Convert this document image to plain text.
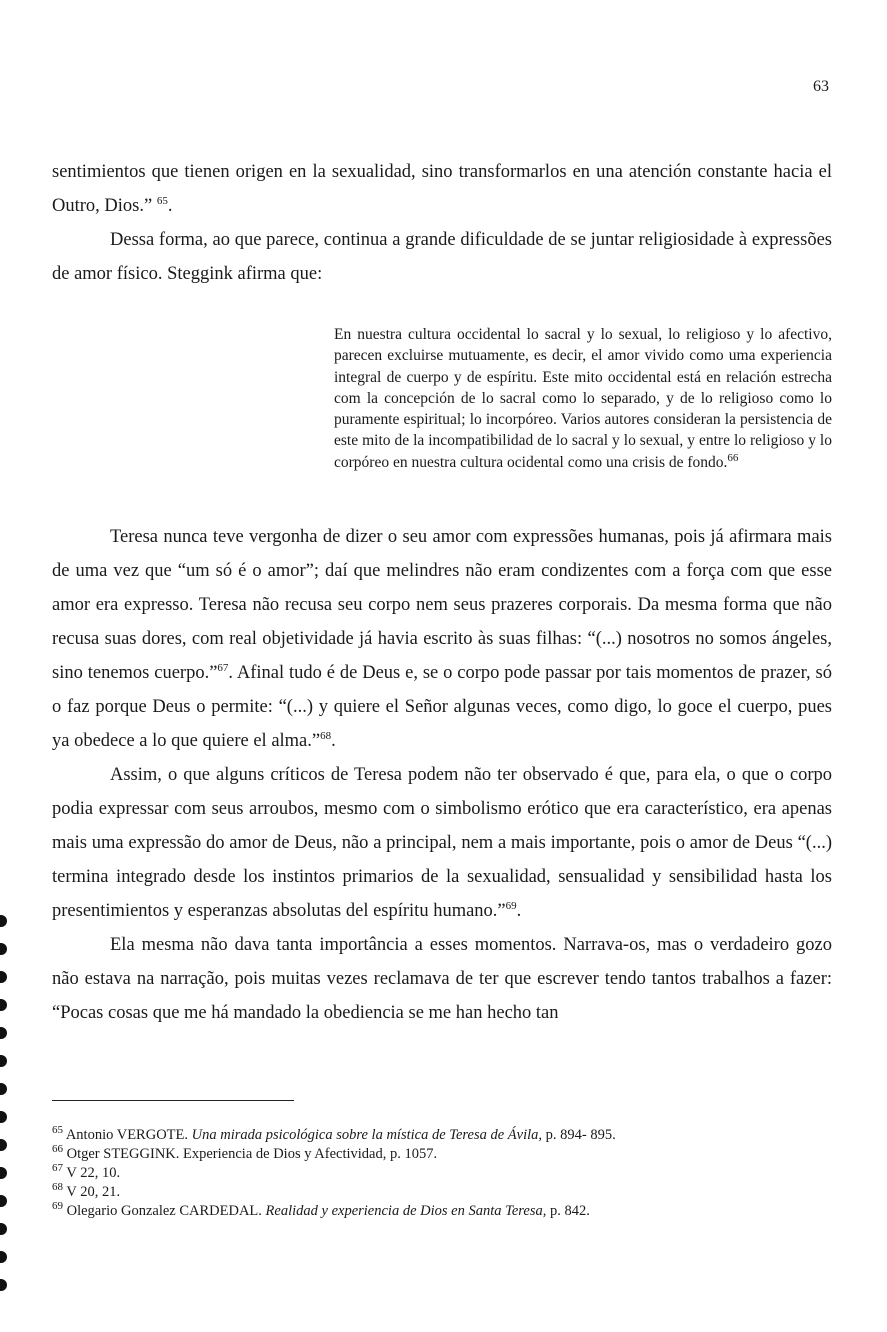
63

sentimientos que tienen origen en la sexualidad, sino transformarlos en una atención constante hacia el Outro, Dios.” $^{65}$.

Dessa forma, ao que parece, continua a grande dificuldade de se juntar religiosidade à expressões de amor físico. Steggink afirma que:

En nuestra cultura occidental lo sacral y lo sexual, lo religioso y lo afectivo, parecen excluirse mutuamente, es decir, el amor vivido como uma experiencia integral de cuerpo y de espíritu. Este mito occidental está en relación estrecha com la concepción de lo sacral como lo separado, y de lo religioso como lo puramente espiritual; lo incorpóreo. Varios autores consideran la persistencia de este mito de la incompatibilidad de lo sacral y lo sexual, y entre lo religioso y lo corpóreo en nuestra cultura ocidental como una crisis de fondo.$^{66}$

Teresa nunca teve vergonha de dizer o seu amor com expressões humanas, pois já afirmara mais de uma vez que “um só é o amor”; daí que melindres não eram condizentes com a força com que esse amor era expresso. Teresa não recusa seu corpo nem seus prazeres corporais. Da mesma forma que não recusa suas dores, com real objetividade já havia escrito às suas filhas: “(...) nosotros no somos ángeles, sino tenemos cuerpo.”$^{67}$. Afinal tudo é de Deus e, se o corpo pode passar por tais momentos de prazer, só o faz porque Deus o permite: “(...) y quiere el Señor algunas veces, como digo, lo goce el cuerpo, pues ya obedece a lo que quiere el alma.”$^{68}$.

Assim, o que alguns críticos de Teresa podem não ter observado é que, para ela, o que o corpo podia expressar com seus arroubos, mesmo com o simbolismo erótico que era característico, era apenas mais uma expressão do amor de Deus, não a principal, nem a mais importante, pois o amor de Deus “(...) termina integrado desde los instintos primarios de la sexualidad, sensualidad y sensibilidad hasta los presentimientos y esperanzas absolutas del espíritu humano.”$^{69}$.

Ela mesma não dava tanta importância a esses momentos. Narrava-os, mas o verdadeiro gozo não estava na narração, pois muitas vezes reclamava de ter que escrever tendo tantos trabalhos a fazer: “Pocas cosas que me há mandado la obediencia se me han hecho tan

$^{65}$ Antonio VERGOTE. Una mirada psicológica sobre la mística de Teresa de Ávila, p. 894- 895.

$^{66}$ Otger STEGGINK. Experiencia de Dios y Afectividad, p. 1057.

$^{67}$ V 22, 10.

$^{68}$ V 20, 21.

$^{69}$ Olegario Gonzalez CARDEDAL. Realidad y experiencia de Dios en Santa Teresa, p. 842.
